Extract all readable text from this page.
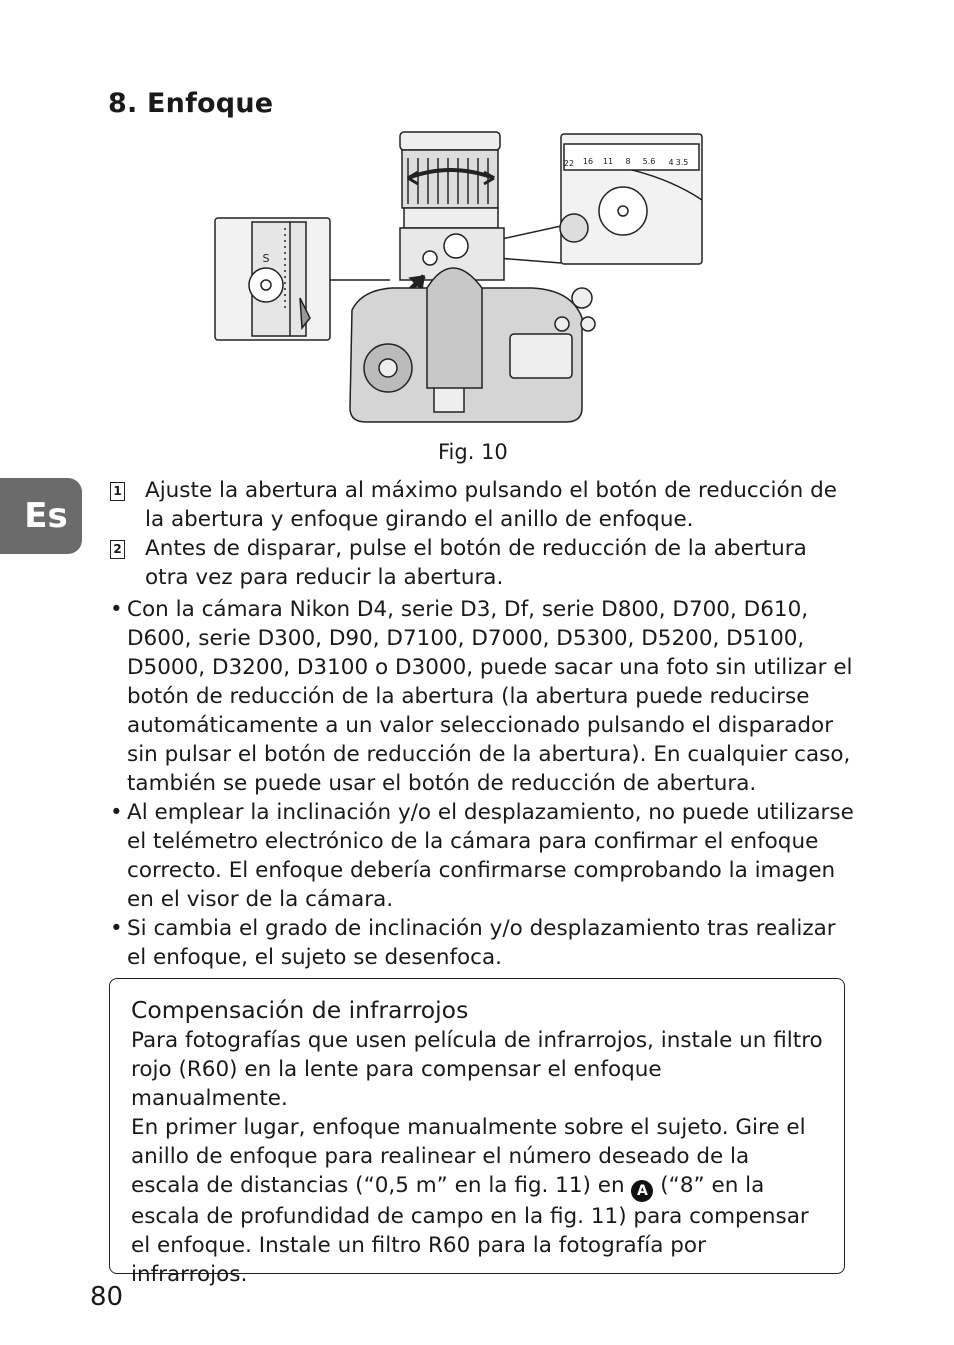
8. Enfoque
S
22 16 11 8 5.6 4 3.5
Fig. 10
Es
1 Ajuste la abertura al máximo pulsando el botón de reducción de la abertura y enfoque girando el anillo de enfoque.
2 Antes de disparar, pulse el botón de reducción de la abertura otra vez para reducir la abertura.
• Con la cámara Nikon D4, serie D3, Df, serie D800, D700, D610, D600, serie D300, D90, D7100, D7000, D5300, D5200, D5100, D5000, D3200, D3100 o D3000, puede sacar una foto sin utilizar el botón de reducción de la abertura (la abertura puede reducirse automáticamente a un valor seleccionado pulsando el disparador sin pulsar el botón de reducción de la abertura). En cualquier caso, también se puede usar el botón de reducción de abertura.
• Al emplear la inclinación y/o el desplazamiento, no puede utilizarse el telémetro electrónico de la cámara para confirmar el enfoque correcto. El enfoque debería confirmarse comprobando la imagen en el visor de la cámara.
• Si cambia el grado de inclinación y/o desplazamiento tras realizar el enfoque, el sujeto se desenfoca.

Compensación de infrarrojos

Para fotografías que usen película de infrarrojos, instale un filtro rojo (R60) en la lente para compensar el enfoque manualmente.

En primer lugar, enfoque manualmente sobre el sujeto. Gire el anillo de enfoque para realinear el número deseado de la escala de distancias (“0,5 m” en la fig. 11) en A (“8” en la escala de profundidad de campo en la fig. 11) para compensar el enfoque. Instale un filtro R60 para la fotografía por infrarrojos.

80
